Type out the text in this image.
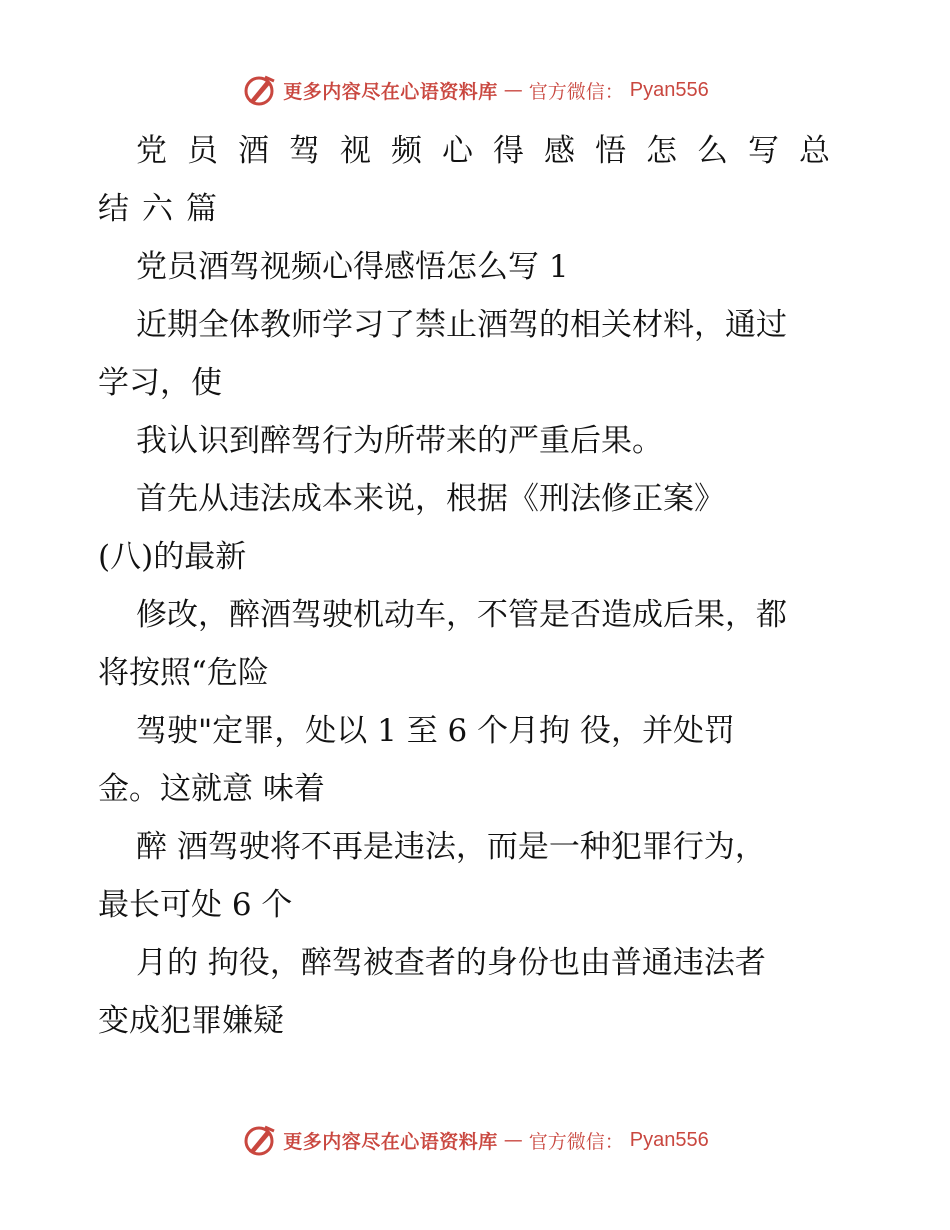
更多内容尽在心语资料库 — 官方微信： Pyan556
党员酒驾视频心得感悟怎么写总
结六篇
党员酒驾视频心得感悟怎么写 1
近期全体教师学习了禁止酒驾的相关材料，通过
学习，使
我认识到醉驾行为所带来的严重后果。
首先从违法成本来说，根据《刑法修正案》
(八)的最新
修改，醉酒驾驶机动车，不管是否造成后果，都
将按照“危险
驾驶"定罪，处以 1 至 6 个月拘 役，并处罚
金。这就意 味着
醉 酒驾驶将不再是违法，而是一种犯罪行为，
最长可处 6 个
月的 拘役，醉驾被查者的身份也由普通违法者
变成犯罪嫌疑
更多内容尽在心语资料库 — 官方微信： Pyan556
